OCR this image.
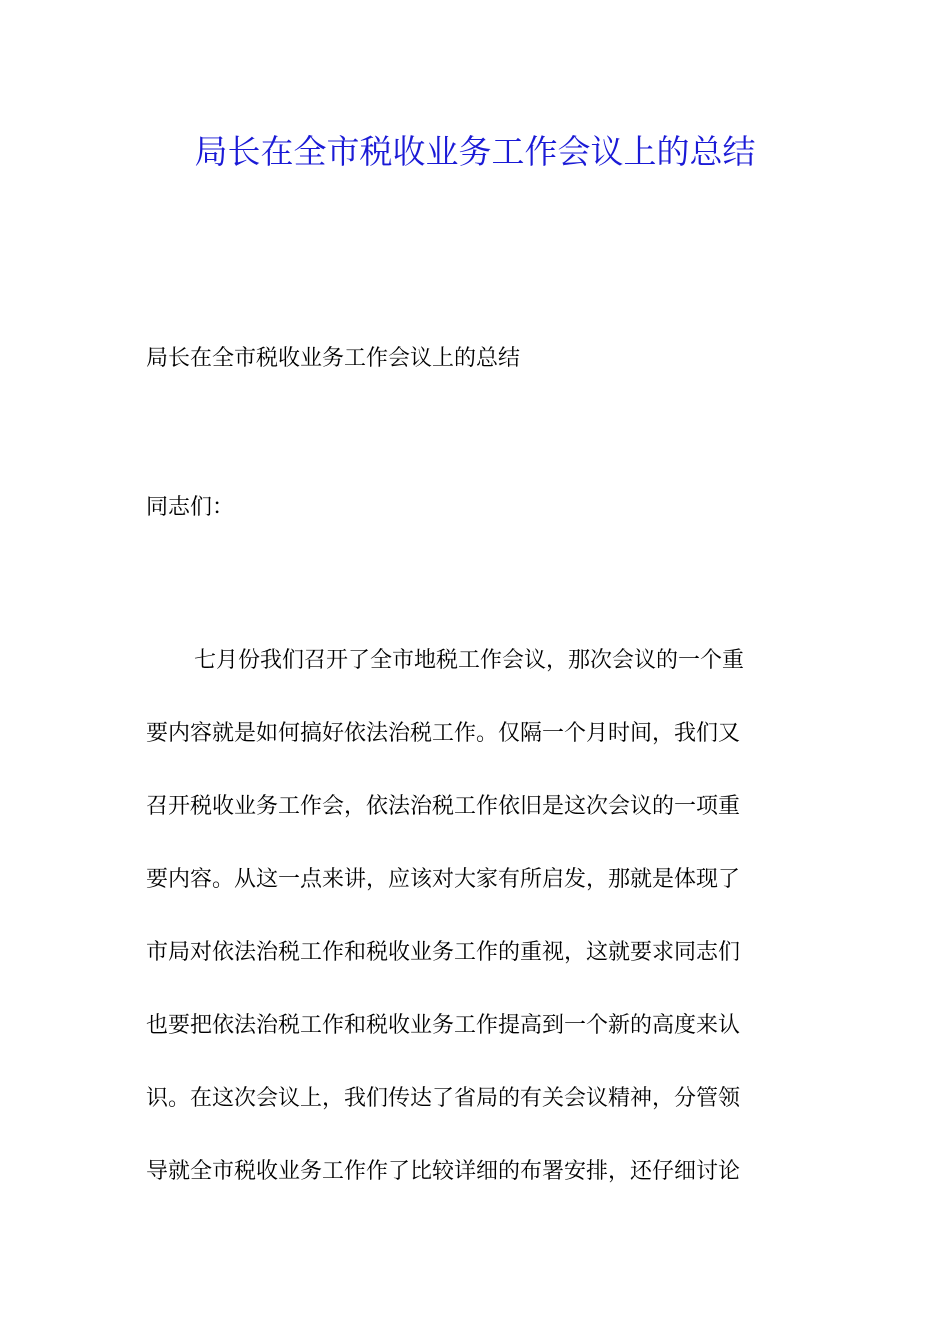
局长在全市税收业务工作会议上的总结
局长在全市税收业务工作会议上的总结
同志们：
七月份我们召开了全市地税工作会议，那次会议的一个重
要内容就是如何搞好依法治税工作。仅隔一个月时间，我们又
召开税收业务工作会，依法治税工作依旧是这次会议的一项重
要内容。从这一点来讲，应该对大家有所启发，那就是体现了
市局对依法治税工作和税收业务工作的重视，这就要求同志们
也要把依法治税工作和税收业务工作提高到一个新的高度来认
识。在这次会议上，我们传达了省局的有关会议精神，分管领
导就全市税收业务工作作了比较详细的布署安排，还仔细讨论
